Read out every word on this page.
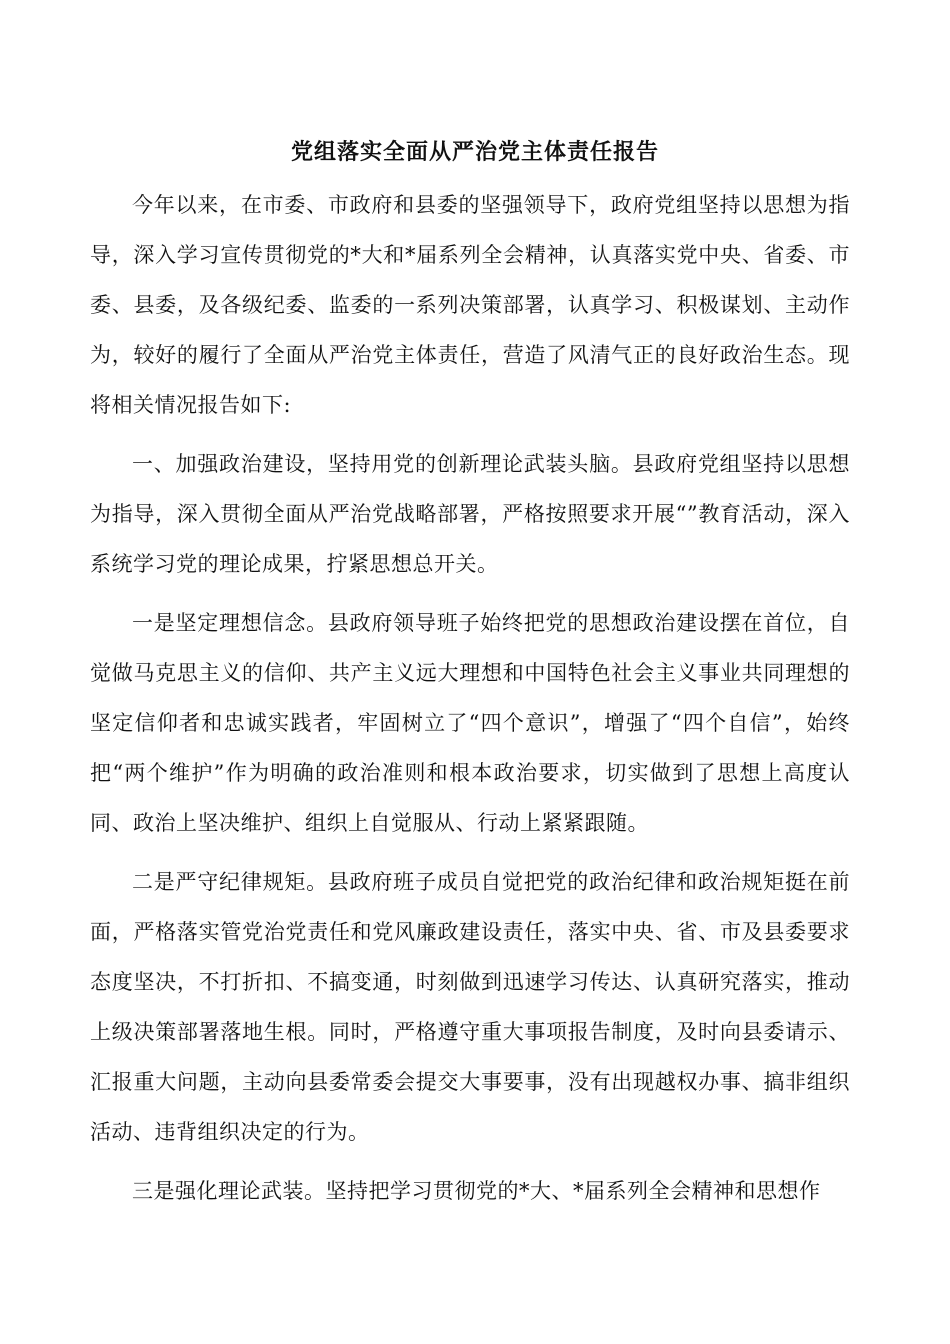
党组落实全面从严治党主体责任报告

今年以来，在市委、市政府和县委的坚强领导下，政府党组坚持以思想为指导，深入学习宣传贯彻党的*大和*届系列全会精神，认真落实党中央、省委、市委、县委，及各级纪委、监委的一系列决策部署，认真学习、积极谋划、主动作为，较好的履行了全面从严治党主体责任，营造了风清气正的良好政治生态。现将相关情况报告如下:

一、加强政治建设，坚持用党的创新理论武装头脑。县政府党组坚持以思想为指导，深入贯彻全面从严治党战略部署，严格按照要求开展“”教育活动，深入系统学习党的理论成果，拧紧思想总开关。

一是坚定理想信念。县政府领导班子始终把党的思想政治建设摆在首位，自觉做马克思主义的信仰、共产主义远大理想和中国特色社会主义事业共同理想的坚定信仰者和忠诚实践者，牢固树立了“四个意识”，增强了“四个自信”，始终把“两个维护”作为明确的政治准则和根本政治要求，切实做到了思想上高度认同、政治上坚决维护、组织上自觉服从、行动上紧紧跟随。

二是严守纪律规矩。县政府班子成员自觉把党的政治纪律和政治规矩挺在前面，严格落实管党治党责任和党风廉政建设责任，落实中央、省、市及县委要求态度坚决，不打折扣、不搞变通，时刻做到迅速学习传达、认真研究落实，推动上级决策部署落地生根。同时，严格遵守重大事项报告制度，及时向县委请示、汇报重大问题，主动向县委常委会提交大事要事，没有出现越权办事、搞非组织活动、违背组织决定的行为。

三是强化理论武装。坚持把学习贯彻党的*大、*届系列全会精神和思想作
